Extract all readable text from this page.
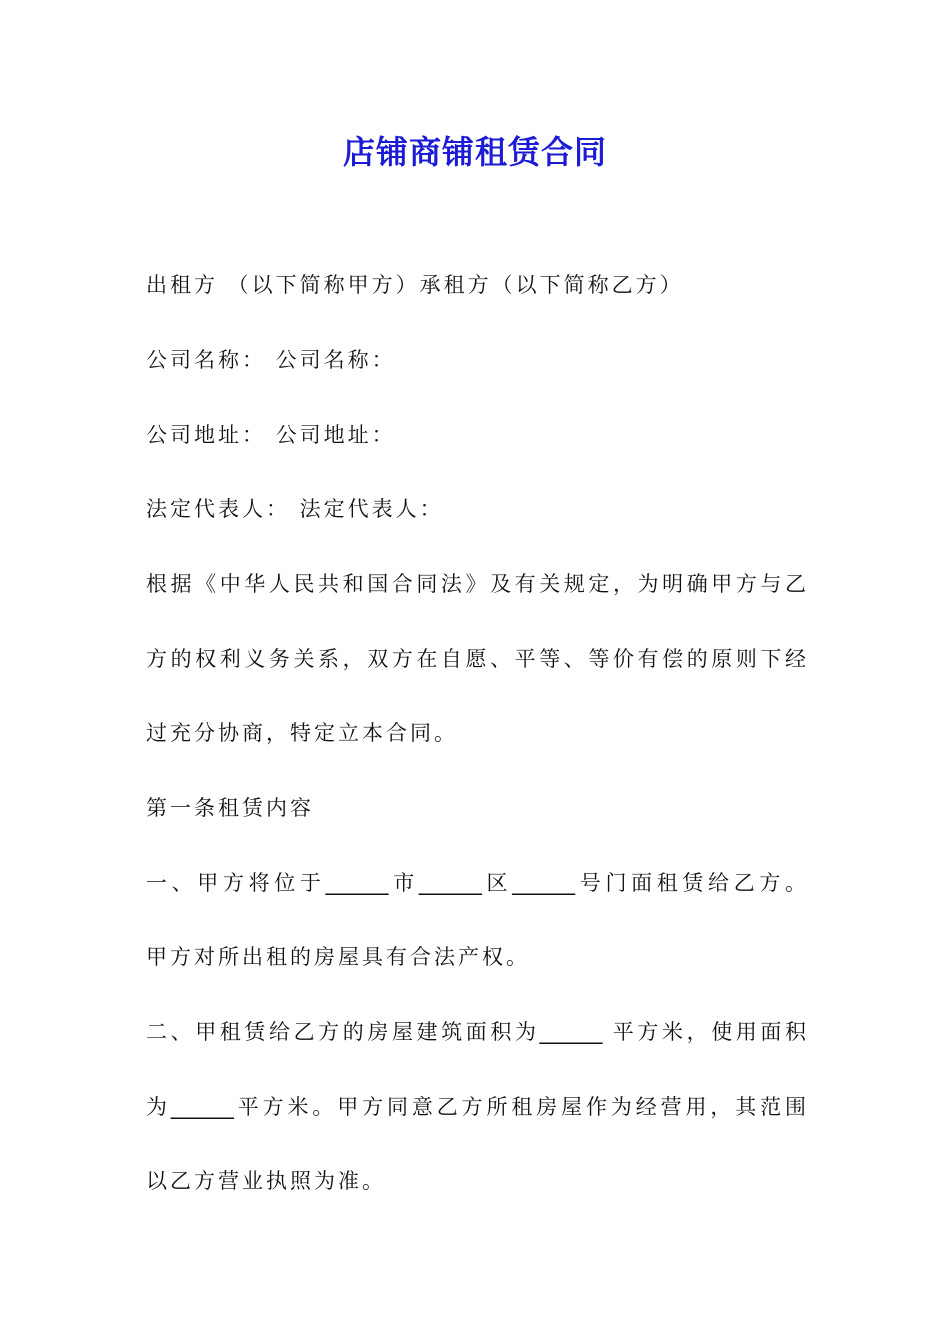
店铺商铺租赁合同
出租方 （以下简称甲方）承租方（以下简称乙方）
公司名称： 公司名称：
公司地址： 公司地址：
法定代表人： 法定代表人：
根据《中华人民共和国合同法》及有关规定，为明确甲方与乙
方的权利义务关系，双方在自愿、平等、等价有偿的原则下经
过充分协商，特定立本合同。
第一条租赁内容
一、甲方将位于______市______区______号门面租赁给乙方。
甲方对所出租的房屋具有合法产权。
二、甲租赁给乙方的房屋建筑面积为______ 平方米，使用面积
为______平方米。甲方同意乙方所租房屋作为经营用，其范围
以乙方营业执照为准。
